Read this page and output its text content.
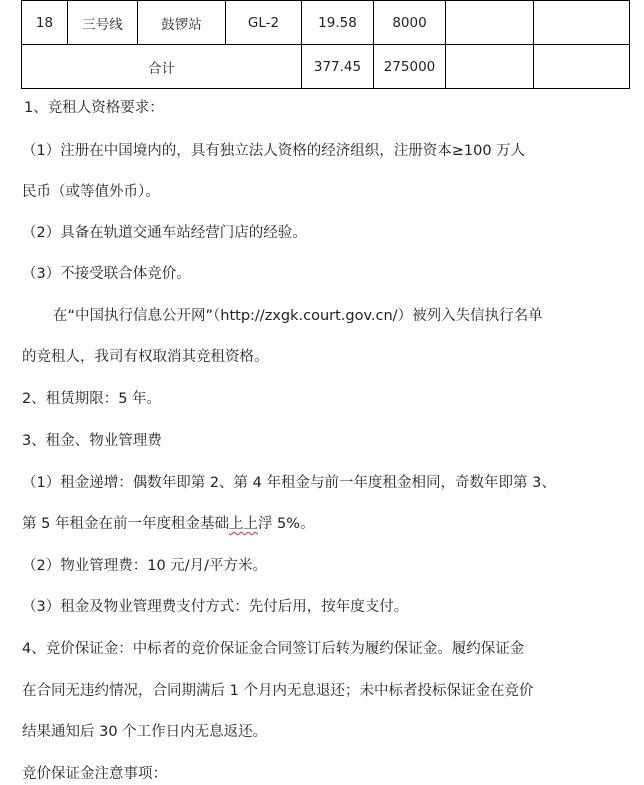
18	三号线	鼓锣站	GL-2	19.58	8000		
合计				377.45	275000		
1、竞租人资格要求：
（1）注册在中国境内的，具有独立法人资格的经济组织，注册资本≥100 万人
民币（或等值外币）。
（2）具备在轨道交通车站经营门店的经验。
（3）不接受联合体竞价。
在“中国执行信息公开网”（http://zxgk.court.gov.cn/）被列入失信执行名单
的竞租人，我司有权取消其竞租资格。
2、租赁期限：5 年。
3、租金、物业管理费
（1）租金递增：偶数年即第 2、第 4 年租金与前一年度租金相同，奇数年即第 3、
第 5 年租金在前一年度租金基础上上浮 5%。
（2）物业管理费：10 元/月/平方米。
（3）租金及物业管理费支付方式：先付后用，按年度支付。
4、竞价保证金：中标者的竞价保证金合同签订后转为履约保证金。履约保证金
在合同无违约情况，合同期满后 1 个月内无息退还；未中标者投标保证金在竞价
结果通知后 30 个工作日内无息返还。
竞价保证金注意事项：
